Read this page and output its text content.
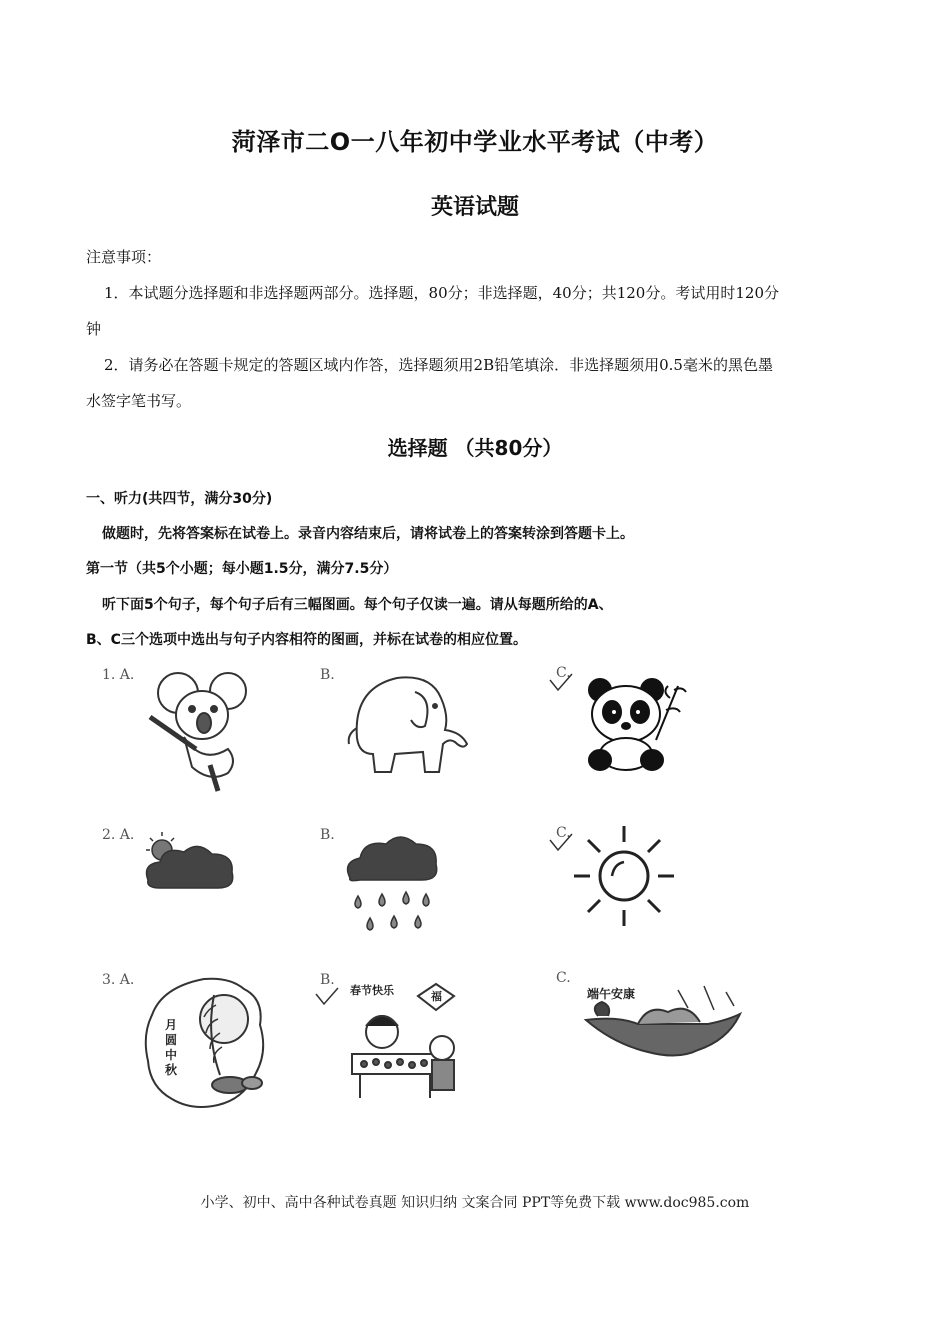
菏泽市二O一八年初中学业水平考试（中考）
英语试题
注意事项：
1．本试题分选择题和非选择题两部分。选择题，80分；非选择题，40分；共120分。考试用时120分
钟
2．请务必在答题卡规定的答题区域内作答，选择题须用2B铅笔填涂．非选择题须用0.5毫米的黑色墨
水签字笔书写。
选择题 （共80分）
一、听力(共四节，满分30分)
做题时，先将答案标在试卷上。录音内容结束后，请将试卷上的答案转涂到答题卡上。
第一节（共5个小题；每小题1.5分，满分7.5分）
听下面5个句子，每个句子后有三幅图画。每个句子仅读一遍。请从每题所给的A、
B、C三个选项中选出与句子内容相符的图画，并标在试卷的相应位置。
1. A.	B.	C.
2. A.	B.	C.
3. A.	B.	C.
月圆中秋
春节快乐	福	端午安康
小学、初中、高中各种试卷真题 知识归纳 文案合同 PPT等免费下载 www.doc985.com
